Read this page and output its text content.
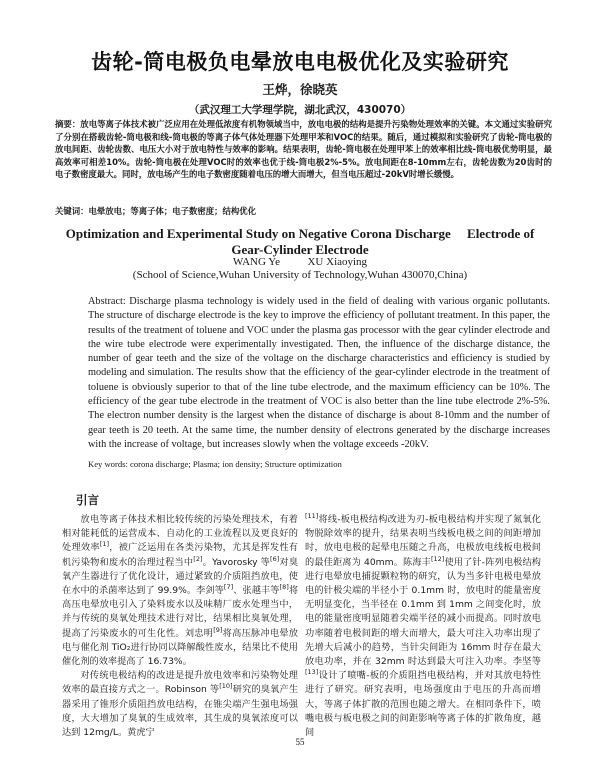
齿轮-筒电极负电晕放电电极优化及实验研究
王烨，徐晓英
（武汉理工大学理学院，湖北武汉，430070）
摘要：放电等离子体技术被广泛应用在处理低浓度有机物领域当中，放电电极的结构是提升污染物处理效率的关键。本文通过实验研究了分别在搭载齿轮-筒电极和线-筒电极的等离子体气体处理器下处理甲苯和VOC的结果。随后，通过模拟和实验研究了齿轮-筒电极的放电间距、齿轮齿数、电压大小对于放电特性与效率的影响。结果表明，齿轮-筒电极在处理甲苯上的效率相比线-筒电极优势明显，最高效率可相差10%。齿轮-筒电极在处理VOC时的效率也优于线-筒电极2%-5%。放电间距在8-10mm左右，齿轮齿数为20齿时的电子数密度最大。同时，放电场产生的电子数密度随着电压的增大而增大，但当电压超过-20kV时增长缓慢。
关键词：电晕放电；等离子体；电子数密度；结构优化
Optimization and Experimental Study on Negative Corona Discharge     Electrode of
Gear-Cylinder Electrode
WANG Ye          XU Xiaoying
(School of Science,Wuhan University of Technology,Wuhan 430070,China)
Abstract: Discharge plasma technology is widely used in the field of dealing with various organic pollutants. The structure of discharge electrode is the key to improve the efficiency of pollutant treatment. In this paper, the results of the treatment of toluene and VOC under the plasma gas processor with the gear cylinder electrode and the wire tube electrode were experimentally investigated. Then, the influence of the discharge distance, the number of gear teeth and the size of the voltage on the discharge characteristics and efficiency is studied by modeling and simulation. The results show that the efficiency of the gear-cylinder electrode in the treatment of toluene is obviously superior to that of the line tube electrode, and the maximum efficiency can be 10%. The efficiency of the gear tube electrode in the treatment of VOC is also better than the line tube electrode 2%-5%. The electron number density is the largest when the distance of discharge is about 8-10mm and the number of gear teeth is 20 teeth. At the same time, the number density of electrons generated by the discharge increases with the increase of voltage, but increases slowly when the voltage exceeds -20kV.
Key words: corona discharge; Plasma; ion density; Structure optimization
引言

放电等离子体技术相比较传统的污染处理技术，有着相对能耗低的运营成本、自动化的工业流程以及更良好的处理效率[1]，被广泛运用在各类污染物，尤其是挥发性有机污染物和废水的治理过程当中[2]。Yavorosky 等[6]对臭氧产生器进行了优化设计，通过紧致的介质阻挡放电，使在水中的杀菌率达到了 99.9%。李剑等[7]、张越丰等[8]将高压电晕放电引入了染料废水以及味精厂废水处理当中，并与传统的臭氧处理技术进行对比，结果相比臭氧处理，提高了污染废水的可生化性。刘忠明[9]将高压脉冲电晕放电与催化剂 TiO₂进行协同以降解酸性废水，结果比不使用催化剂的效率提高了 16.73%。

对传统电极结构的改进是提升放电效率和污染物处理效率的最直接方式之一。Robinson 等[10]研究的臭氧产生器采用了锥形介质阻挡放电结构，在锥尖端产生强电场强度，大大增加了臭氧的生成效率，其生成的臭氧浓度可以达到 12mg/L。黄虎宁

[11]将线-板电极结构改进为刃-板电极结构并实现了氮氧化物脱除效率的提升，结果表明当线板电极之间的间距增加时，放电电极的起晕电压随之升高，电极放电线板电极间的最佳距离为 40mm。陈海丰[12]使用了针-阵列电极结构进行电晕放电捕捉颗粒物的研究，认为当多针电极电晕放电的针极尖端的半径小于 0.1mm 时，放电时的能量密度无明显变化，当半径在 0.1mm 到 1mm 之间变化时，放电的能量密度明显随着尖端半径的减小而提高。同时放电功率随着电极间距的增大而增大，最大可注入功率出现了先增大后减小的趋势，当针尖间距为 16mm 时存在最大放电功率，并在 32mm 时达到最大可注入功率。李坚等[13]设计了喷嘴-板的介质阻挡电极结构，并对其放电特性进行了研究。研究表明，电场强度由于电压的升高而增大，等离子体扩散的范围也随之增大。在相同条件下，喷嘴电极与板电极之间的间距影响等离子体的扩散角度，越间

55
